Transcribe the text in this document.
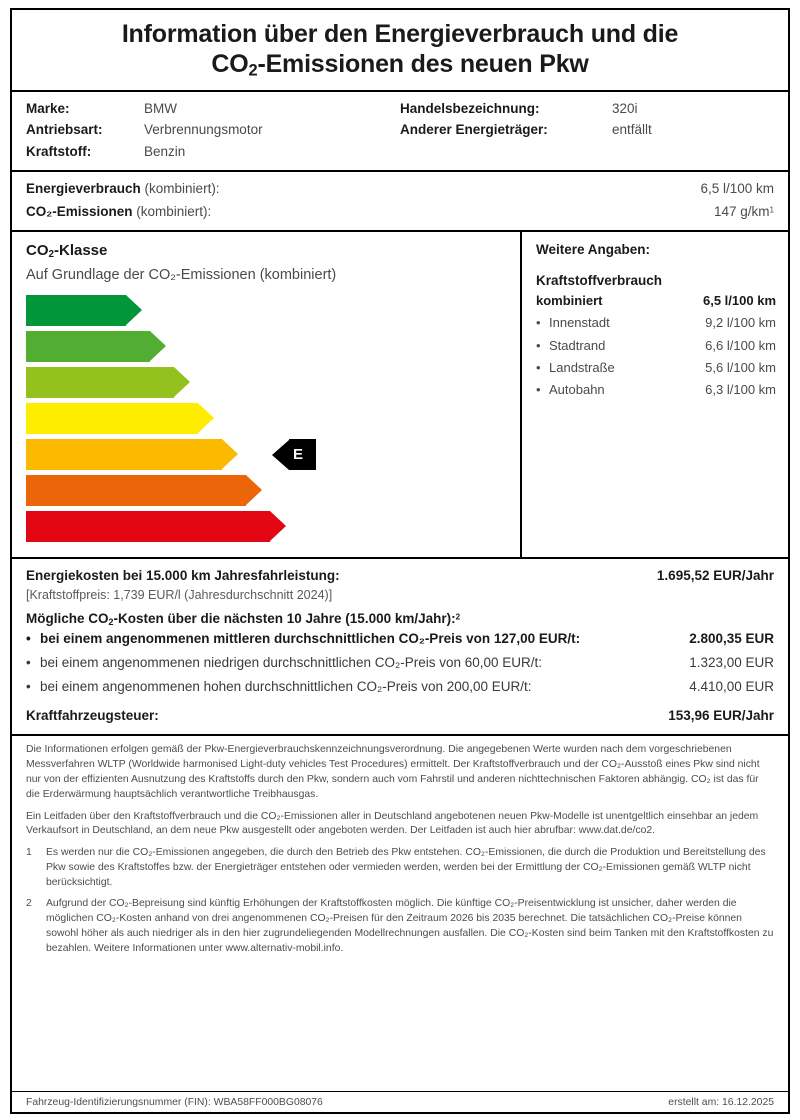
Information über den Energieverbrauch und die
$CO_2$-Emissionen des neuen Pkw
Marke:	BMW
Antriebsart:	Verbrennungsmotor
Kraftstoff:	Benzin
Handelsbezeichnung:	320i
Anderer Energieträger:	entfällt
Energieverbrauch (kombiniert):	6,5 l/100 km
CO₂-Emissionen (kombiniert):	147 $g/km^1$
$CO_2$-Klasse

Auf Grundlage der CO₂-Emissionen (kombiniert)

A
B
C
D
E
F
G
E
Weitere Angaben:
Kraftstoffverbrauch
kombiniert	6,5 l/100 km
• Innenstadt	9,2 l/100 km
• Stadtrand	6,6 l/100 km
• Landstraße	5,6 l/100 km
• Autobahn	6,3 l/100 km
Energiekosten bei 15.000 km Jahresfahrleistung:	1.695,52 EUR/Jahr
[Kraftstoffpreis: 1,739 EUR/l (Jahresdurchschnitt 2024)]
Mögliche $CO_2$-Kosten über die nächsten 10 Jahre (15.000 km/Jahr):$^2$
• bei einem angenommenen mittleren durchschnittlichen CO₂-Preis von 127,00 EUR/t:	2.800,35 EUR
• bei einem angenommenen niedrigen durchschnittlichen CO₂-Preis von 60,00 EUR/t:	1.323,00 EUR
• bei einem angenommenen hohen durchschnittlichen CO₂-Preis von 200,00 EUR/t:	4.410,00 EUR
Kraftfahrzeugsteuer:	153,96 EUR/Jahr

Die Informationen erfolgen gemäß der Pkw-Energieverbrauchskennzeichnungsverordnung. Die angegebenen Werte wurden nach dem vorgeschriebenen Messverfahren WLTP (Worldwide harmonised Light-duty vehicles Test Procedures) ermittelt. Der Kraftstoffverbrauch und der CO₂-Ausstoß eines Pkw sind nicht nur von der effizienten Ausnutzung des Kraftstoffs durch den Pkw, sondern auch vom Fahrstil und anderen nichttechnischen Faktoren abhängig. CO₂ ist das für die Erderwärmung hauptsächlich verantwortliche Treibhausgas.

Ein Leitfaden über den Kraftstoffverbrauch und die CO₂-Emissionen aller in Deutschland angebotenen neuen Pkw-Modelle ist unentgeltlich einsehbar an jedem Verkaufsort in Deutschland, an dem neue Pkw ausgestellt oder angeboten werden. Der Leitfaden ist auch hier abrufbar: www.dat.de/co2.

1	Es werden nur die CO₂-Emissionen angegeben, die durch den Betrieb des Pkw entstehen. CO₂-Emissionen, die durch die Produktion und Bereitstellung des Pkw sowie des Kraftstoffes bzw. der Energieträger entstehen oder vermieden werden, werden bei der Ermittlung der CO₂-Emissionen gemäß WLTP nicht berücksichtigt.
2	Aufgrund der CO₂-Bepreisung sind künftig Erhöhungen der Kraftstoffkosten möglich. Die künftige CO₂-Preisentwicklung ist unsicher, daher werden die möglichen CO₂-Kosten anhand von drei angenommenen CO₂-Preisen für den Zeitraum 2026 bis 2035 berechnet. Die tatsächlichen CO₂-Preise können sowohl höher als auch niedriger als in den hier zugrundeliegenden Modellrechnungen ausfallen. Die CO₂-Kosten sind beim Tanken mit den Kraftstoffkosten zu bezahlen. Weitere Informationen unter www.alternativ-mobil.info.
Fahrzeug-Identifizierungsnummer (FIN): WBA58FF000BG08076	erstellt am: 16.12.2025
